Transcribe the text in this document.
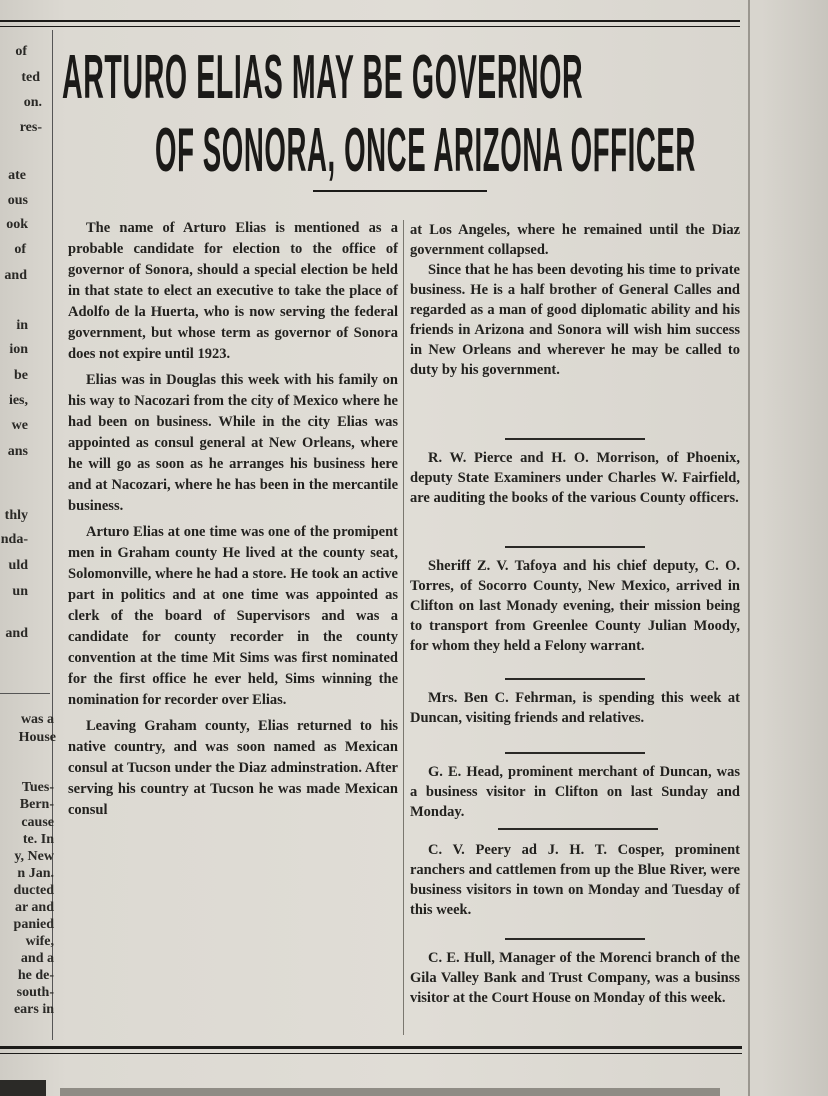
of
ted
on.
res-
ate
ous
ook
of
and
in
ion
be
ies,
we
ans
thly
nda-
uld
un
and
was a
House
Tues-
Bern-
cause
te. In
y, New
n Jan.
ducted
ar and
panied
wife,
and a
he de-
south-
ears in
ARTURO ELIAS MAY BE GOVERNOR
OF SONORA, ONCE ARIZONA OFFICER

The name of Arturo Elias is mentioned as a probable candidate for election to the office of governor of Sonora, should a special election be held in that state to elect an executive to take the place of Adolfo de la Huerta, who is now serving the federal government, but whose term as governor of Sonora does not expire until 1923.

Elias was in Douglas this week with his family on his way to Nacozari from the city of Mexico where he had been on business. While in the city Elias was appointed as consul general at New Orleans, where he will go as soon as he arranges his business here and at Nacozari, where he has been in the mercantile business.

Arturo Elias at one time was one of the promipent men in Graham county He lived at the county seat, Solomonville, where he had a store. He took an active part in politics and at one time was appointed as clerk of the board of Supervisors and was a candidate for county recorder in the county convention at the time Mit Sims was first nominated for the first office he ever held, Sims winning the nomination for recorder over Elias.

Leaving Graham county, Elias returned to his native country, and was soon named as Mexican consul at Tucson under the Diaz adminstration. After serving his country at Tucson he was made Mexican consul

at Los Angeles, where he remained until the Diaz government collapsed.

Since that he has been devoting his time to private business. He is a half brother of General Calles and regarded as a man of good diplomatic ability and his friends in Arizona and Sonora will wish him success in New Orleans and wherever he may be called to duty by his government.

R. W. Pierce and H. O. Morrison, of Phoenix, deputy State Examiners under Charles W. Fairfield, are auditing the books of the various County officers.

Sheriff Z. V. Tafoya and his chief deputy, C. O. Torres, of Socorro County, New Mexico, arrived in Clifton on last Monady evening, their mission being to transport from Greenlee County Julian Moody, for whom they held a Felony warrant.

Mrs. Ben C. Fehrman, is spending this week at Duncan, visiting friends and relatives.

G. E. Head, prominent merchant of Duncan, was a business visitor in Clifton on last Sunday and Monday.

C. V. Peery ad J. H. T. Cosper, prominent ranchers and cattlemen from up the Blue River, were business visitors in town on Monday and Tuesday of this week.

C. E. Hull, Manager of the Morenci branch of the Gila Valley Bank and Trust Company, was a businss visitor at the Court House on Monday of this week.
